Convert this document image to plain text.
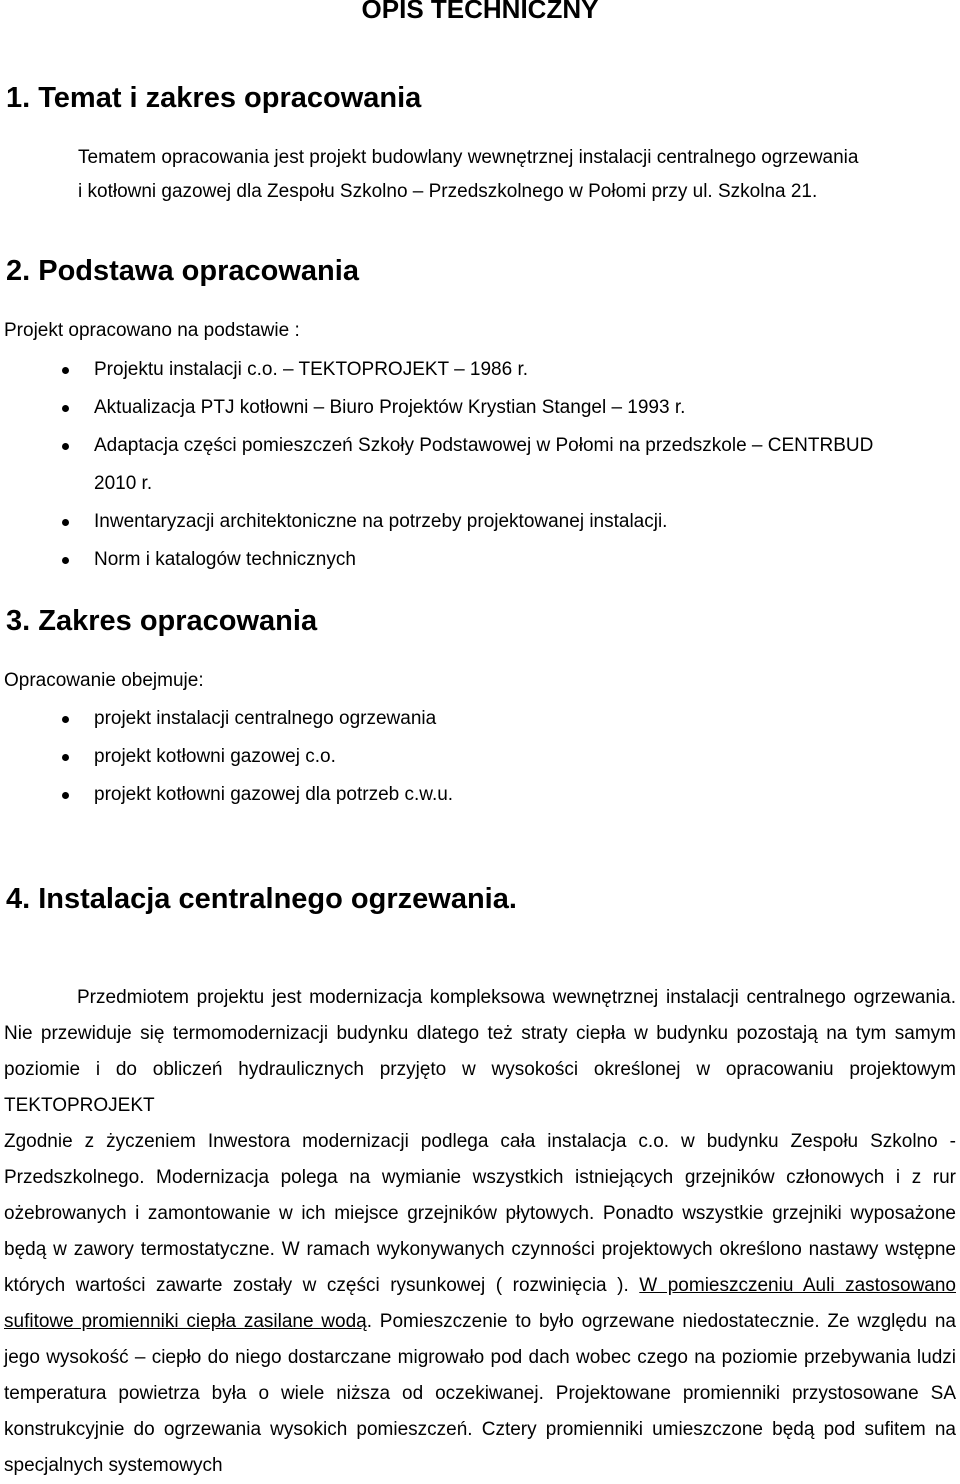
OPIS TECHNICZNY
1. Temat i zakres opracowania

Tematem opracowania jest projekt budowlany wewnętrznej instalacji centralnego ogrzewania

i kotłowni gazowej dla Zespołu Szkolno – Przedszkolnego w Połomi przy ul. Szkolna 21.

2. Podstawa opracowania

Projekt opracowano na podstawie :

Projektu instalacji c.o. – TEKTOPROJEKT – 1986 r.
Aktualizacja PTJ kotłowni – Biuro Projektów Krystian Stangel – 1993 r.
Adaptacja części pomieszczeń Szkoły Podstawowej w Połomi na przedszkole – CENTRBUD
2010 r.
Inwentaryzacji architektoniczne na potrzeby projektowanej instalacji.
Norm i katalogów technicznych
3. Zakres opracowania

Opracowanie obejmuje:

projekt instalacji centralnego ogrzewania
projekt kotłowni gazowej c.o.
projekt kotłowni gazowej dla potrzeb c.w.u.
4. Instalacja centralnego ogrzewania.

Przedmiotem projektu jest modernizacja kompleksowa wewnętrznej instalacji centralnego ogrzewania. Nie przewiduje się termomodernizacji budynku dlatego też straty ciepła w budynku pozostają na tym samym poziomie i do obliczeń hydraulicznych przyjęto w wysokości określonej w opracowaniu projektowym TEKTOPROJEKT
Zgodnie z życzeniem Inwestora modernizacji podlega cała instalacja c.o. w budynku Zespołu Szkolno - Przedszkolnego. Modernizacja polega na wymianie wszystkich istniejących grzejników członowych i z rur ożebrowanych i zamontowanie w ich miejsce grzejników płytowych. Ponadto wszystkie grzejniki wyposażone będą w zawory termostatyczne. W ramach wykonywanych czynności projektowych określono nastawy wstępne których wartości zawarte zostały w części rysunkowej ( rozwinięcia ). W pomieszczeniu Auli zastosowano sufitowe promienniki ciepła zasilane wodą. Pomieszczenie to było ogrzewane niedostatecznie. Ze względu na jego wysokość – ciepło do niego dostarczane migrowało pod dach wobec czego na poziomie przebywania ludzi temperatura powietrza była o wiele niższa od oczekiwanej. Projektowane promienniki przystosowane SA konstrukcyjnie do ogrzewania wysokich pomieszczeń. Cztery promienniki umieszczone będą pod sufitem na specjalnych systemowych
